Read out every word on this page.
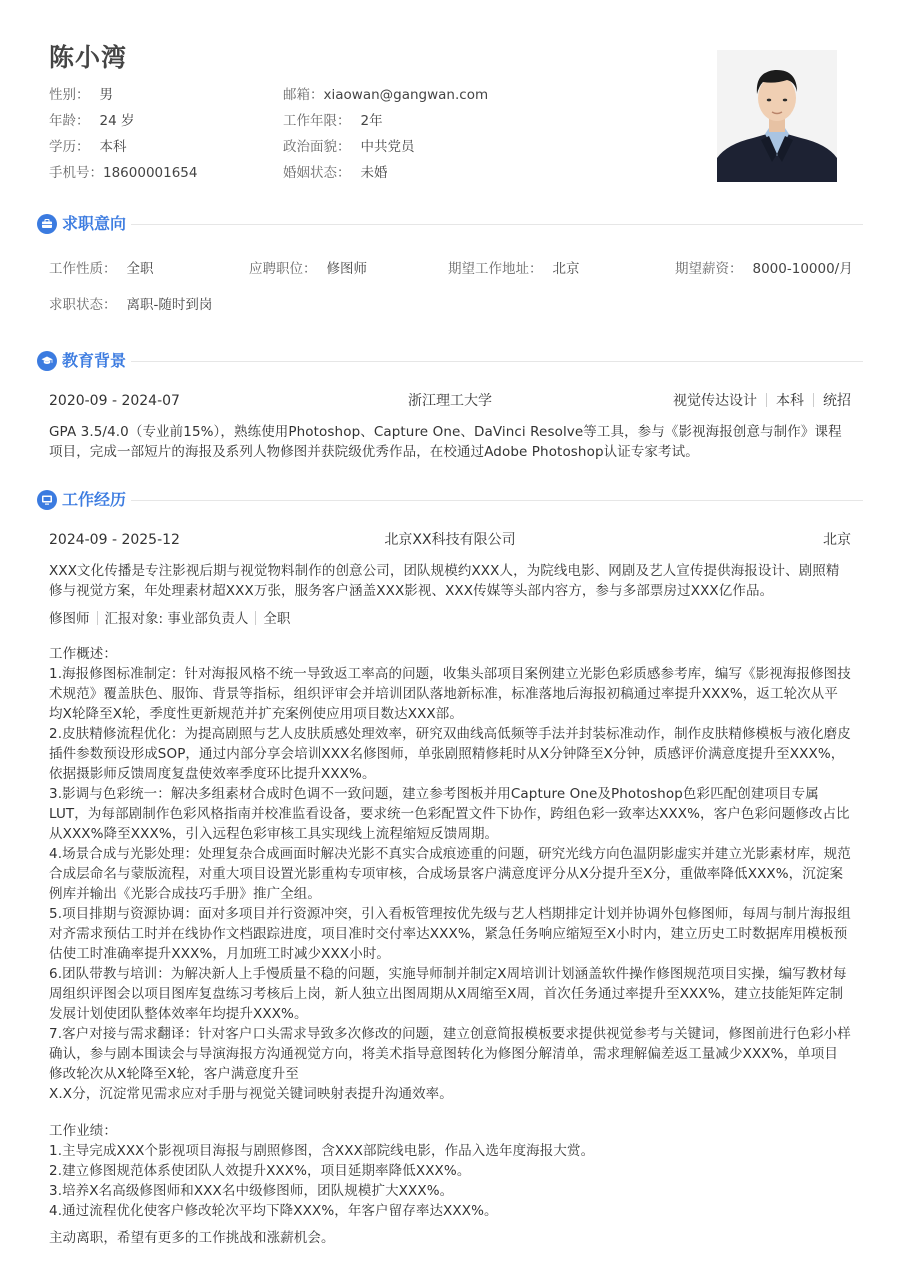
陈小湾
性别： 男	邮箱：xiaowan@gangwan.com
年龄： 24 岁	工作年限： 2年
学历： 本科	政治面貌： 中共党员
手机号：18600001654	婚姻状态： 未婚
求职意向
工作性质： 全职	应聘职位： 修图师	期望工作地址： 北京	期望薪资： 8000-10000/月
求职状态： 离职-随时到岗
教育背景
2020-09 - 2024-07	浙江理工大学	视觉传达设计 本科 统招

GPA 3.5/4.0（专业前15%），熟练使用Photoshop、Capture One、DaVinci Resolve等工具，参与《影视海报创意与制作》课程项目，完成一部短片的海报及系列人物修图并获院级优秀作品，在校通过Adobe Photoshop认证专家考试。

工作经历
2024-09 - 2025-12	北京XX科技有限公司	北京

XXX文化传播是专注影视后期与视觉物料制作的创意公司，团队规模约XXX人，为院线电影、网剧及艺人宣传提供海报设计、剧照精修与视觉方案，年处理素材超XXX万张，服务客户涵盖XXX影视、XXX传媒等头部内容方，参与多部票房过XXX亿作品。

修图师 汇报对象: 事业部负责人 全职

工作概述：

1.海报修图标准制定：针对海报风格不统一导致返工率高的问题，收集头部项目案例建立光影色彩质感参考库，编写《影视海报修图技术规范》覆盖肤色、服饰、背景等指标，组织评审会并培训团队落地新标准，标准落地后海报初稿通过率提升XXX%，返工轮次从平均X轮降至X轮，季度性更新规范并扩充案例使应用项目数达XXX部。

2.皮肤精修流程优化：为提高剧照与艺人皮肤质感处理效率，研究双曲线高低频等手法并封装标准动作，制作皮肤精修模板与液化磨皮插件参数预设形成SOP，通过内部分享会培训XXX名修图师，单张剧照精修耗时从X分钟降至X分钟，质感评价满意度提升至XXX%，依据摄影师反馈周度复盘使效率季度环比提升XXX%。

3.影调与色彩统一：解决多组素材合成时色调不一致问题，建立参考图板并用Capture One及Photoshop色彩匹配创建项目专属LUT，为每部剧制作色彩风格指南并校准监看设备，要求统一色彩配置文件下协作，跨组色彩一致率达XXX%，客户色彩问题修改占比从XXX%降至XXX%，引入远程色彩审核工具实现线上流程缩短反馈周期。

4.场景合成与光影处理：处理复杂合成画面时解决光影不真实合成痕迹重的问题，研究光线方向色温阴影虚实并建立光影素材库，规范合成层命名与蒙版流程，对重大项目设置光影重构专项审核，合成场景客户满意度评分从X分提升至X分，重做率降低XXX%，沉淀案例库并输出《光影合成技巧手册》推广全组。

5.项目排期与资源协调：面对多项目并行资源冲突，引入看板管理按优先级与艺人档期排定计划并协调外包修图师，每周与制片海报组对齐需求预估工时并在线协作文档跟踪进度，项目准时交付率达XXX%，紧急任务响应缩短至X小时内，建立历史工时数据库用模板预估使工时准确率提升XXX%，月加班工时减少XXX小时。

6.团队带教与培训：为解决新人上手慢质量不稳的问题，实施导师制并制定X周培训计划涵盖软件操作修图规范项目实操，编写教材每周组织评图会以项目图库复盘练习考核后上岗，新人独立出图周期从X周缩至X周，首次任务通过率提升至XXX%，建立技能矩阵定制发展计划使团队整体效率年均提升XXX%。

7.客户对接与需求翻译：针对客户口头需求导致多次修改的问题，建立创意简报模板要求提供视觉参考与关键词，修图前进行色彩小样确认，参与剧本围读会与导演海报方沟通视觉方向，将美术指导意图转化为修图分解清单，需求理解偏差返工量减少XXX%，单项目修改轮次从X轮降至X轮，客户满意度升至

X.X分，沉淀常见需求应对手册与视觉关键词映射表提升沟通效率。

工作业绩：

1.主导完成XXX个影视项目海报与剧照修图，含XXX部院线电影，作品入选年度海报大赏。

2.建立修图规范体系使团队人效提升XXX%，项目延期率降低XXX%。

3.培养X名高级修图师和XXX名中级修图师，团队规模扩大XXX%。

4.通过流程优化使客户修改轮次平均下降XXX%，年客户留存率达XXX%。

主动离职，希望有更多的工作挑战和涨薪机会。
